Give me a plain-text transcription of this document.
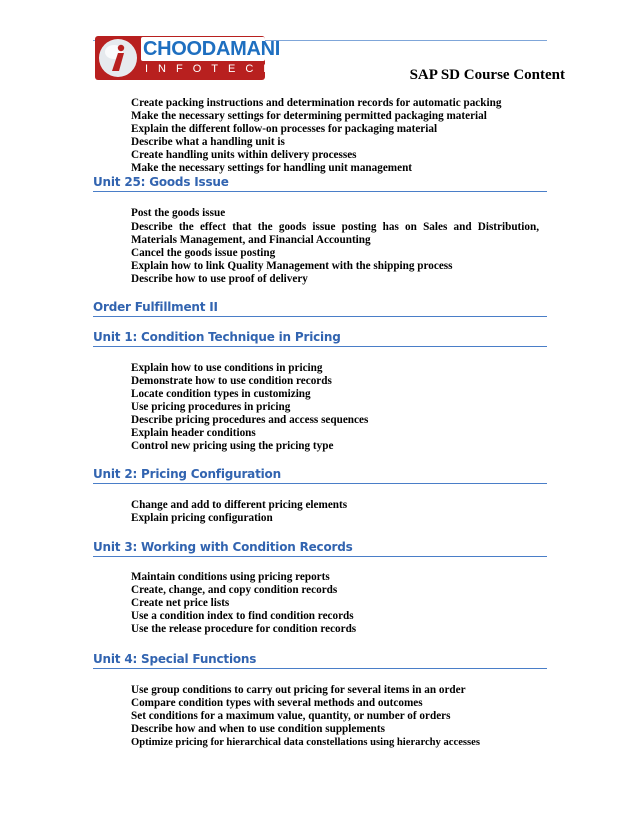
CHOODAMANI
INFOTECH	SAP SD Course Content
Create packing instructions and determination records for automatic packing
Make the necessary settings for determining permitted packaging material
Explain the different follow-on processes for packaging material
Describe what a handling unit is
Create handling units within delivery processes
Make the necessary settings for handling unit management
Unit 25: Goods Issue
Post the goods issue
Describe the effect that the goods issue posting has on Sales and Distribution, Materials Management, and Financial Accounting
Cancel the goods issue posting
Explain how to link Quality Management with the shipping process
Describe how to use proof of delivery
Order Fulfillment II
Unit 1: Condition Technique in Pricing
Explain how to use conditions in pricing
Demonstrate how to use condition records
Locate condition types in customizing
Use pricing procedures in pricing
Describe pricing procedures and access sequences
Explain header conditions
Control new pricing using the pricing type
Unit 2: Pricing Configuration
Change and add to different pricing elements
Explain pricing configuration
Unit 3: Working with Condition Records
Maintain conditions using pricing reports
Create, change, and copy condition records
Create net price lists
Use a condition index to find condition records
Use the release procedure for condition records
Unit 4: Special Functions
Use group conditions to carry out pricing for several items in an order
Compare condition types with several methods and outcomes
Set conditions for a maximum value, quantity, or number of orders
Describe how and when to use condition supplements
Optimize pricing for hierarchical data constellations using hierarchy accesses
